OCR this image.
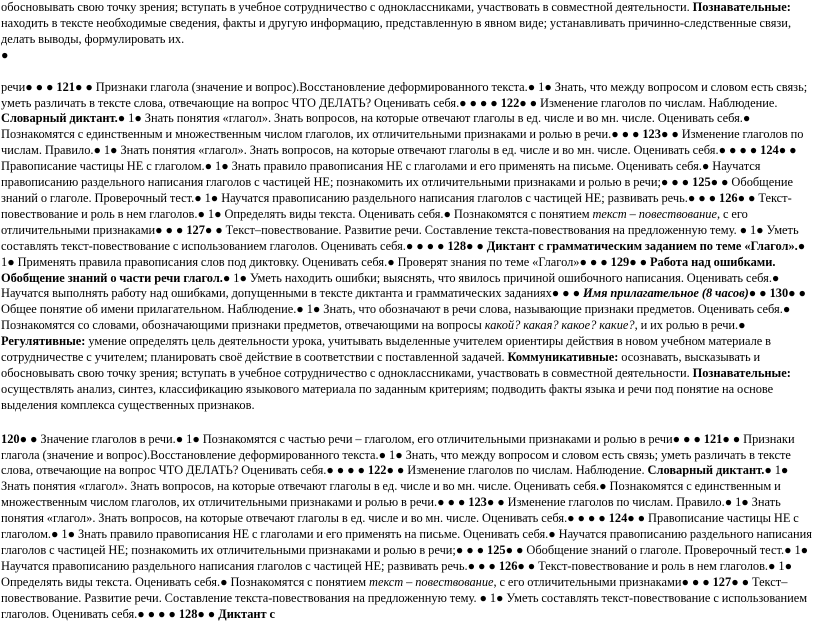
обосновывать свою точку зрения; вступать в учебное сотрудничество с одноклассниками, участвовать в совместной деятельности. Познавательные: находить в тексте необходимые сведения, факты и другую информацию, представленную в явном виде; устанавливать причинно-следственные связи, делать выводы, формулировать их.

●

речи● ● ● 121● ● Признаки глагола (значение и вопрос).Восстановление деформированного текста.● 1● Знать, что между вопросом и словом есть связь; уметь различать в тексте слова, отвечающие на вопрос ЧТО ДЕЛАТЬ? Оценивать себя.● ● ● ● 122● ● Изменение глаголов по числам. Наблюдение. Словарный диктант.● 1● Знать понятия «глагол». Знать вопросов, на которые отвечают глаголы в ед. числе и во мн. числе. Оценивать себя.● Познакомятся с единственным и множественным числом глаголов, их отличительными признаками и ролью в речи.● ● ● 123● ● Изменение глаголов по числам. Правило.● 1● Знать понятия «глагол». Знать вопросов, на которые отвечают глаголы в ед. числе и во мн. числе. Оценивать себя.● ● ● ● 124● ● Правописание частицы НЕ с глаголом.● 1● Знать правило правописания НЕ с глаголами и его применять на письме. Оценивать себя.● Научатся правописанию раздельного написания глаголов с частицей НЕ; познакомить их отличительными признаками и ролью в речи;● ● ● 125● ● Обобщение знаний о глаголе. Проверочный тест.● 1● Научатся правописанию раздельного написания глаголов с частицей НЕ; развивать речь.● ● ● 126● ● Текст-повествование и роль в нем глаголов.● 1● Определять виды текста. Оценивать себя.● Познакомятся с понятием текст – повествование, с его отличительными признаками● ● ● 127● ● Текст–повествование. Развитие речи. Составление текста-повествования на предложенную тему. ● 1● Уметь составлять текст-повествование с использованием глаголов. Оценивать себя.● ● ● ● 128● ● Диктант с грамматическим заданием по теме «Глагол».● 1● Применять правила правописания слов под диктовку. Оценивать себя.● Проверят знания по теме «Глагол»● ● ● 129● ● Работа над ошибками. Обобщение знаний о части речи глагол.● 1● Уметь находить ошибки; выяснять, что явилось причиной ошибочного написания. Оценивать себя.● Научатся выполнять работу над ошибками, допущенными в тексте диктанта и грамматических заданиях● ● ● Имя прилагательное (8 часов)● ● 130● ● Общее понятие об имени прилагательном. Наблюдение.● 1● Знать, что обозначают в речи слова, называющие признаки предметов. Оценивать себя.● Познакомятся со словами, обозначающими признаки предметов, отвечающими на вопросы какой? какая? какое? какие?, и их ролью в речи.● Регулятивные: умение определять цель деятельности урока, учитывать выделенные учителем ориентиры действия в новом учебном материале в сотрудничестве с учителем; планировать своё действие в соответствии с поставленной задачей. Коммуникативные: осознавать, высказывать и обосновывать свою точку зрения; вступать в учебное сотрудничество с одноклассниками, участвовать в совместной деятельности. Познавательные: осуществлять анализ, синтез, классификацию языкового материала по заданным критериям; подводить факты языка и речи под понятие на основе выделения комплекса существенных признаков.

120● ● Значение глаголов в речи.● 1● Познакомятся с частью речи – глаголом, его отличительными признаками и ролью в речи● ● ● 121● ● Признаки глагола (значение и вопрос).Восстановление деформированного текста.● 1● Знать, что между вопросом и словом есть связь; уметь различать в тексте слова, отвечающие на вопрос ЧТО ДЕЛАТЬ? Оценивать себя.● ● ● ● 122● ● Изменение глаголов по числам. Наблюдение. Словарный диктант.● 1● Знать понятия «глагол». Знать вопросов, на которые отвечают глаголы в ед. числе и во мн. числе. Оценивать себя.● Познакомятся с единственным и множественным числом глаголов, их отличительными признаками и ролью в речи.● ● ● 123● ● Изменение глаголов по числам. Правило.● 1● Знать понятия «глагол». Знать вопросов, на которые отвечают глаголы в ед. числе и во мн. числе. Оценивать себя.● ● ● ● 124● ● Правописание частицы НЕ с глаголом.● 1● Знать правило правописания НЕ с глаголами и его применять на письме. Оценивать себя.● Научатся правописанию раздельного написания глаголов с частицей НЕ; познакомить их отличительными признаками и ролью в речи;● ● ● 125● ● Обобщение знаний о глаголе. Проверочный тест.● 1● Научатся правописанию раздельного написания глаголов с частицей НЕ; развивать речь.● ● ● 126● ● Текст-повествование и роль в нем глаголов.● 1● Определять виды текста. Оценивать себя.● Познакомятся с понятием текст – повествование, с его отличительными признаками● ● ● 127● ● Текст–повествование. Развитие речи. Составление текста-повествования на предложенную тему. ● 1● Уметь составлять текст-повествование с использованием глаголов. Оценивать себя.● ● ● ● 128● ● Диктант с
